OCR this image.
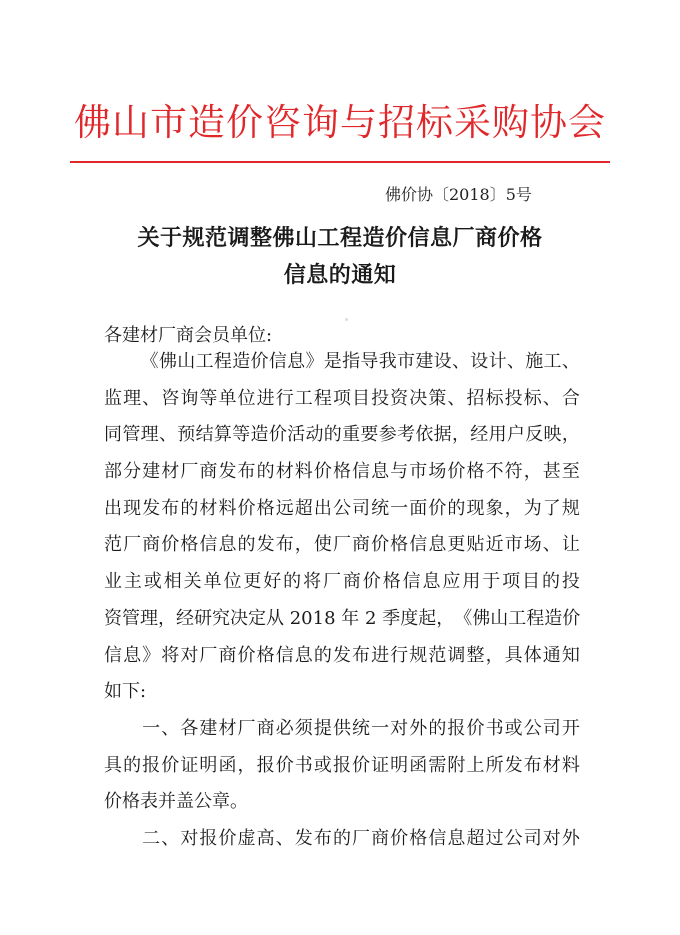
佛山市造价咨询与招标采购协会
佛价协〔2018〕5号
关于规范调整佛山工程造价信息厂商价格
信息的通知
各建材厂商会员单位:

《 佛 山 工 程 造 价 信 息 》 是 指 导 我 市 建 设 、 设 计 、 施 工 、
监 理 、 咨 询 等 单 位 进 行 工 程 项 目 投 资 决 策 、 招 标 投 标 、 合
同 管 理 、 预 结 算 等 造 价 活 动 的 重 要 参 考 依 据 ， 经 用 户 反 映 ，
部 分 建 材 厂 商 发 布 的 材 料 价 格 信 息 与 市 场 价 格 不 符 ， 甚 至
出 现 发 布 的 材 料 价 格 远 超 出 公 司 统 一 面 价 的 现 象 ， 为 了 规
范 厂 商 价 格 信 息 的 发 布 ， 使 厂 商 价 格 信 息 更 贴 近 市 场 、 让
业 主 或 相 关 单 位 更 好 的 将 厂 商 价 格 信 息 应 用 于 项 目 的 投
资 管 理 ， 经 研 究 决 定 从
2018
年
2
季 度 起 ， 《 佛 山 工 程 造 价
信 息 》 将 对 厂 商 价 格 信 息 的 发 布 进 行 规 范 调 整 ， 具 体 通 知
如 下 :

一 、 各 建 材 厂 商 必 须 提 供 统 一 对 外 的 报 价 书 或 公 司 开
具 的 报 价 证 明 函 ， 报 价 书 或 报 价 证 明 函 需 附 上 所 发 布 材 料
价 格 表 并 盖 公 章 。

二 、 对 报 价 虚 高 、 发 布 的 厂 商 价 格 信 息 超 过 公 司 对 外
